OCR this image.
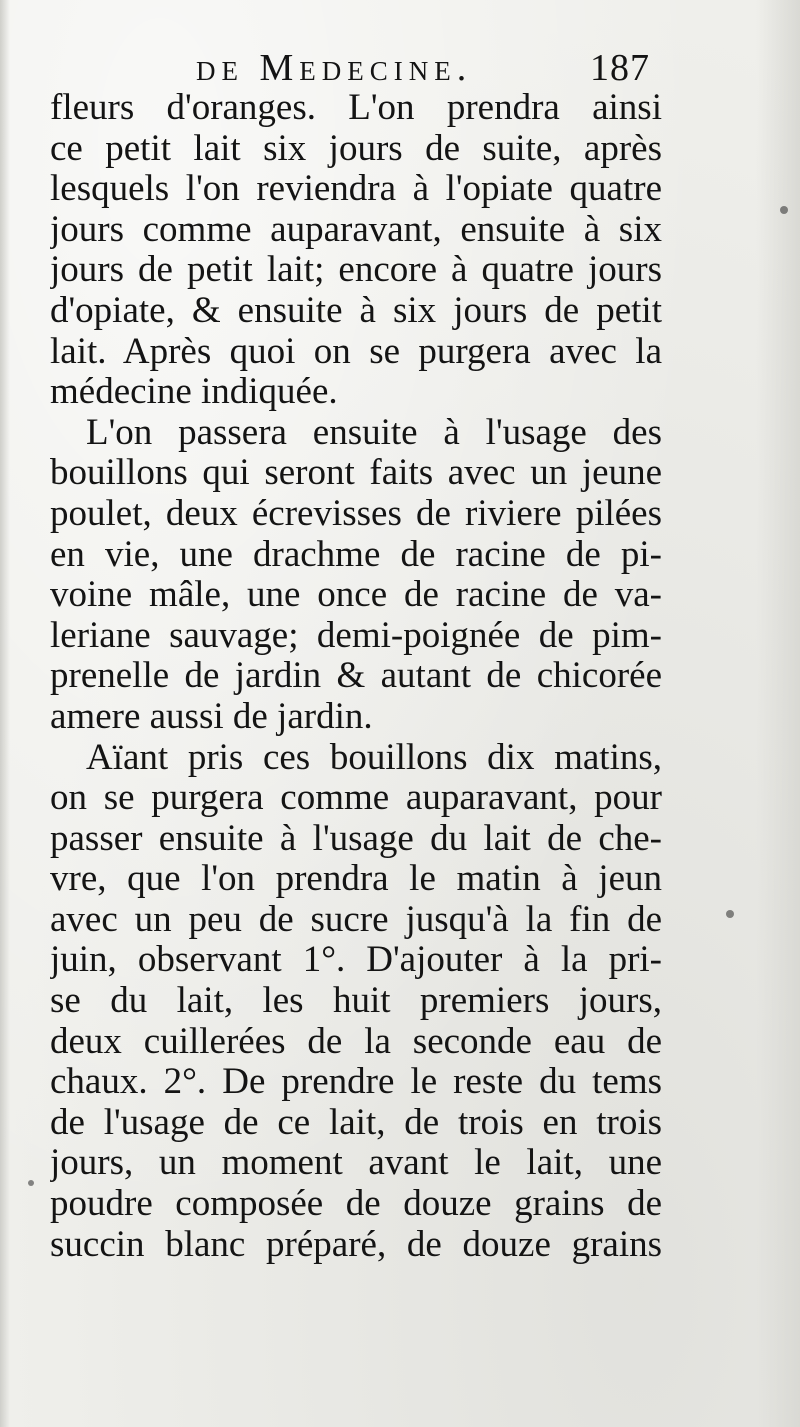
de Medecine.	187
fleurs d'oranges. L'on prendra ainsi
ce petit lait six jours de suite, après
lesquels l'on reviendra à l'opiate quatre
jours comme auparavant, ensuite à six
jours de petit lait; encore à quatre jours
d'opiate, & ensuite à six jours de petit
lait. Après quoi on se purgera avec la
médecine indiquée.
L'on passera ensuite à l'usage des
bouillons qui seront faits avec un jeune
poulet, deux écrevisses de riviere pilées
en vie, une drachme de racine de pi-
voine mâle, une once de racine de va-
leriane sauvage; demi-poignée de pim-
prenelle de jardin & autant de chicorée
amere aussi de jardin.
Aïant pris ces bouillons dix matins,
on se purgera comme auparavant, pour
passer ensuite à l'usage du lait de che-
vre, que l'on prendra le matin à jeun
avec un peu de sucre jusqu'à la fin de
juin, observant 1°. D'ajouter à la pri-
se du lait, les huit premiers jours,
deux cuillerées de la seconde eau de
chaux. 2°. De prendre le reste du tems
de l'usage de ce lait, de trois en trois
jours, un moment avant le lait, une
poudre composée de douze grains de
succin blanc préparé, de douze grains
